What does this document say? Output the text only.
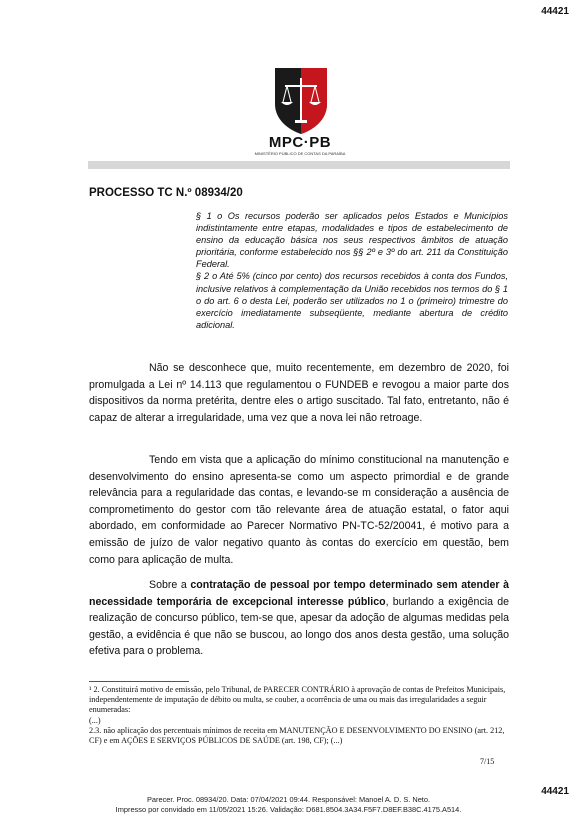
44421
MPC·PB
MINISTÉRIO PÚBLICO DE CONTAS DA PARAÍBA
PROCESSO TC N.º 08934/20

§ 1 o Os recursos poderão ser aplicados pelos Estados e Municípios indistintamente entre etapas, modalidades e tipos de estabelecimento de ensino da educação básica nos seus respectivos âmbitos de atuação prioritária, conforme estabelecido nos §§ 2º e 3º do art. 211 da Constituição Federal.

§ 2 o Até 5% (cinco por cento) dos recursos recebidos à conta dos Fundos, inclusive relativos à complementação da União recebidos nos termos do § 1 o do art. 6 o desta Lei, poderão ser utilizados no 1 o (primeiro) trimestre do exercício imediatamente subseqüente, mediante abertura de crédito adicional.

Não se desconhece que, muito recentemente, em dezembro de 2020, foi promulgada a Lei nº 14.113 que regulamentou o FUNDEB e revogou a maior parte dos dispositivos da norma pretérita, dentre eles o artigo suscitado. Tal fato, entretanto, não é capaz de alterar a irregularidade, uma vez que a nova lei não retroage.

Tendo em vista que a aplicação do mínimo constitucional na manutenção e desenvolvimento do ensino apresenta-se como um aspecto primordial e de grande relevância para a regularidade das contas, e levando-se m consideração a ausência de comprometimento do gestor com tão relevante área de atuação estatal, o fator aqui abordado, em conformidade ao Parecer Normativo PN-TC-52/20041, é motivo para a emissão de juízo de valor negativo quanto às contas do exercício em questão, bem como para aplicação de multa.

Sobre a contratação de pessoal por tempo determinado sem atender à necessidade temporária de excepcional interesse público, burlando a exigência de realização de concurso público, tem-se que, apesar da adoção de algumas medidas pela gestão, a evidência é que não se buscou, ao longo dos anos desta gestão, uma solução efetiva para o problema.

¹ 2. Constituirá motivo de emissão, pelo Tribunal, de PARECER CONTRÁRIO à aprovação de contas de Prefeitos Municipais, independentemente de imputação de débito ou multa, se couber, a ocorrência de uma ou mais das irregularidades a seguir enumeradas:

(...)

2.3. não aplicação dos percentuais mínimos de receita em MANUTENÇÃO E DESENVOLVIMENTO DO ENSINO (art. 212, CF) e em AÇÕES E SERVIÇOS PÚBLICOS DE SAÚDE (art. 198, CF); (...)

7/15
44421

Parecer. Proc. 08934/20. Data: 07/04/2021 09:44. Responsável: Manoel A. D. S. Neto.

Impresso por convidado em 11/05/2021 15:26. Validação: D681.8504.3A34.F5F7.D8EF.B38C.4175.A514.
